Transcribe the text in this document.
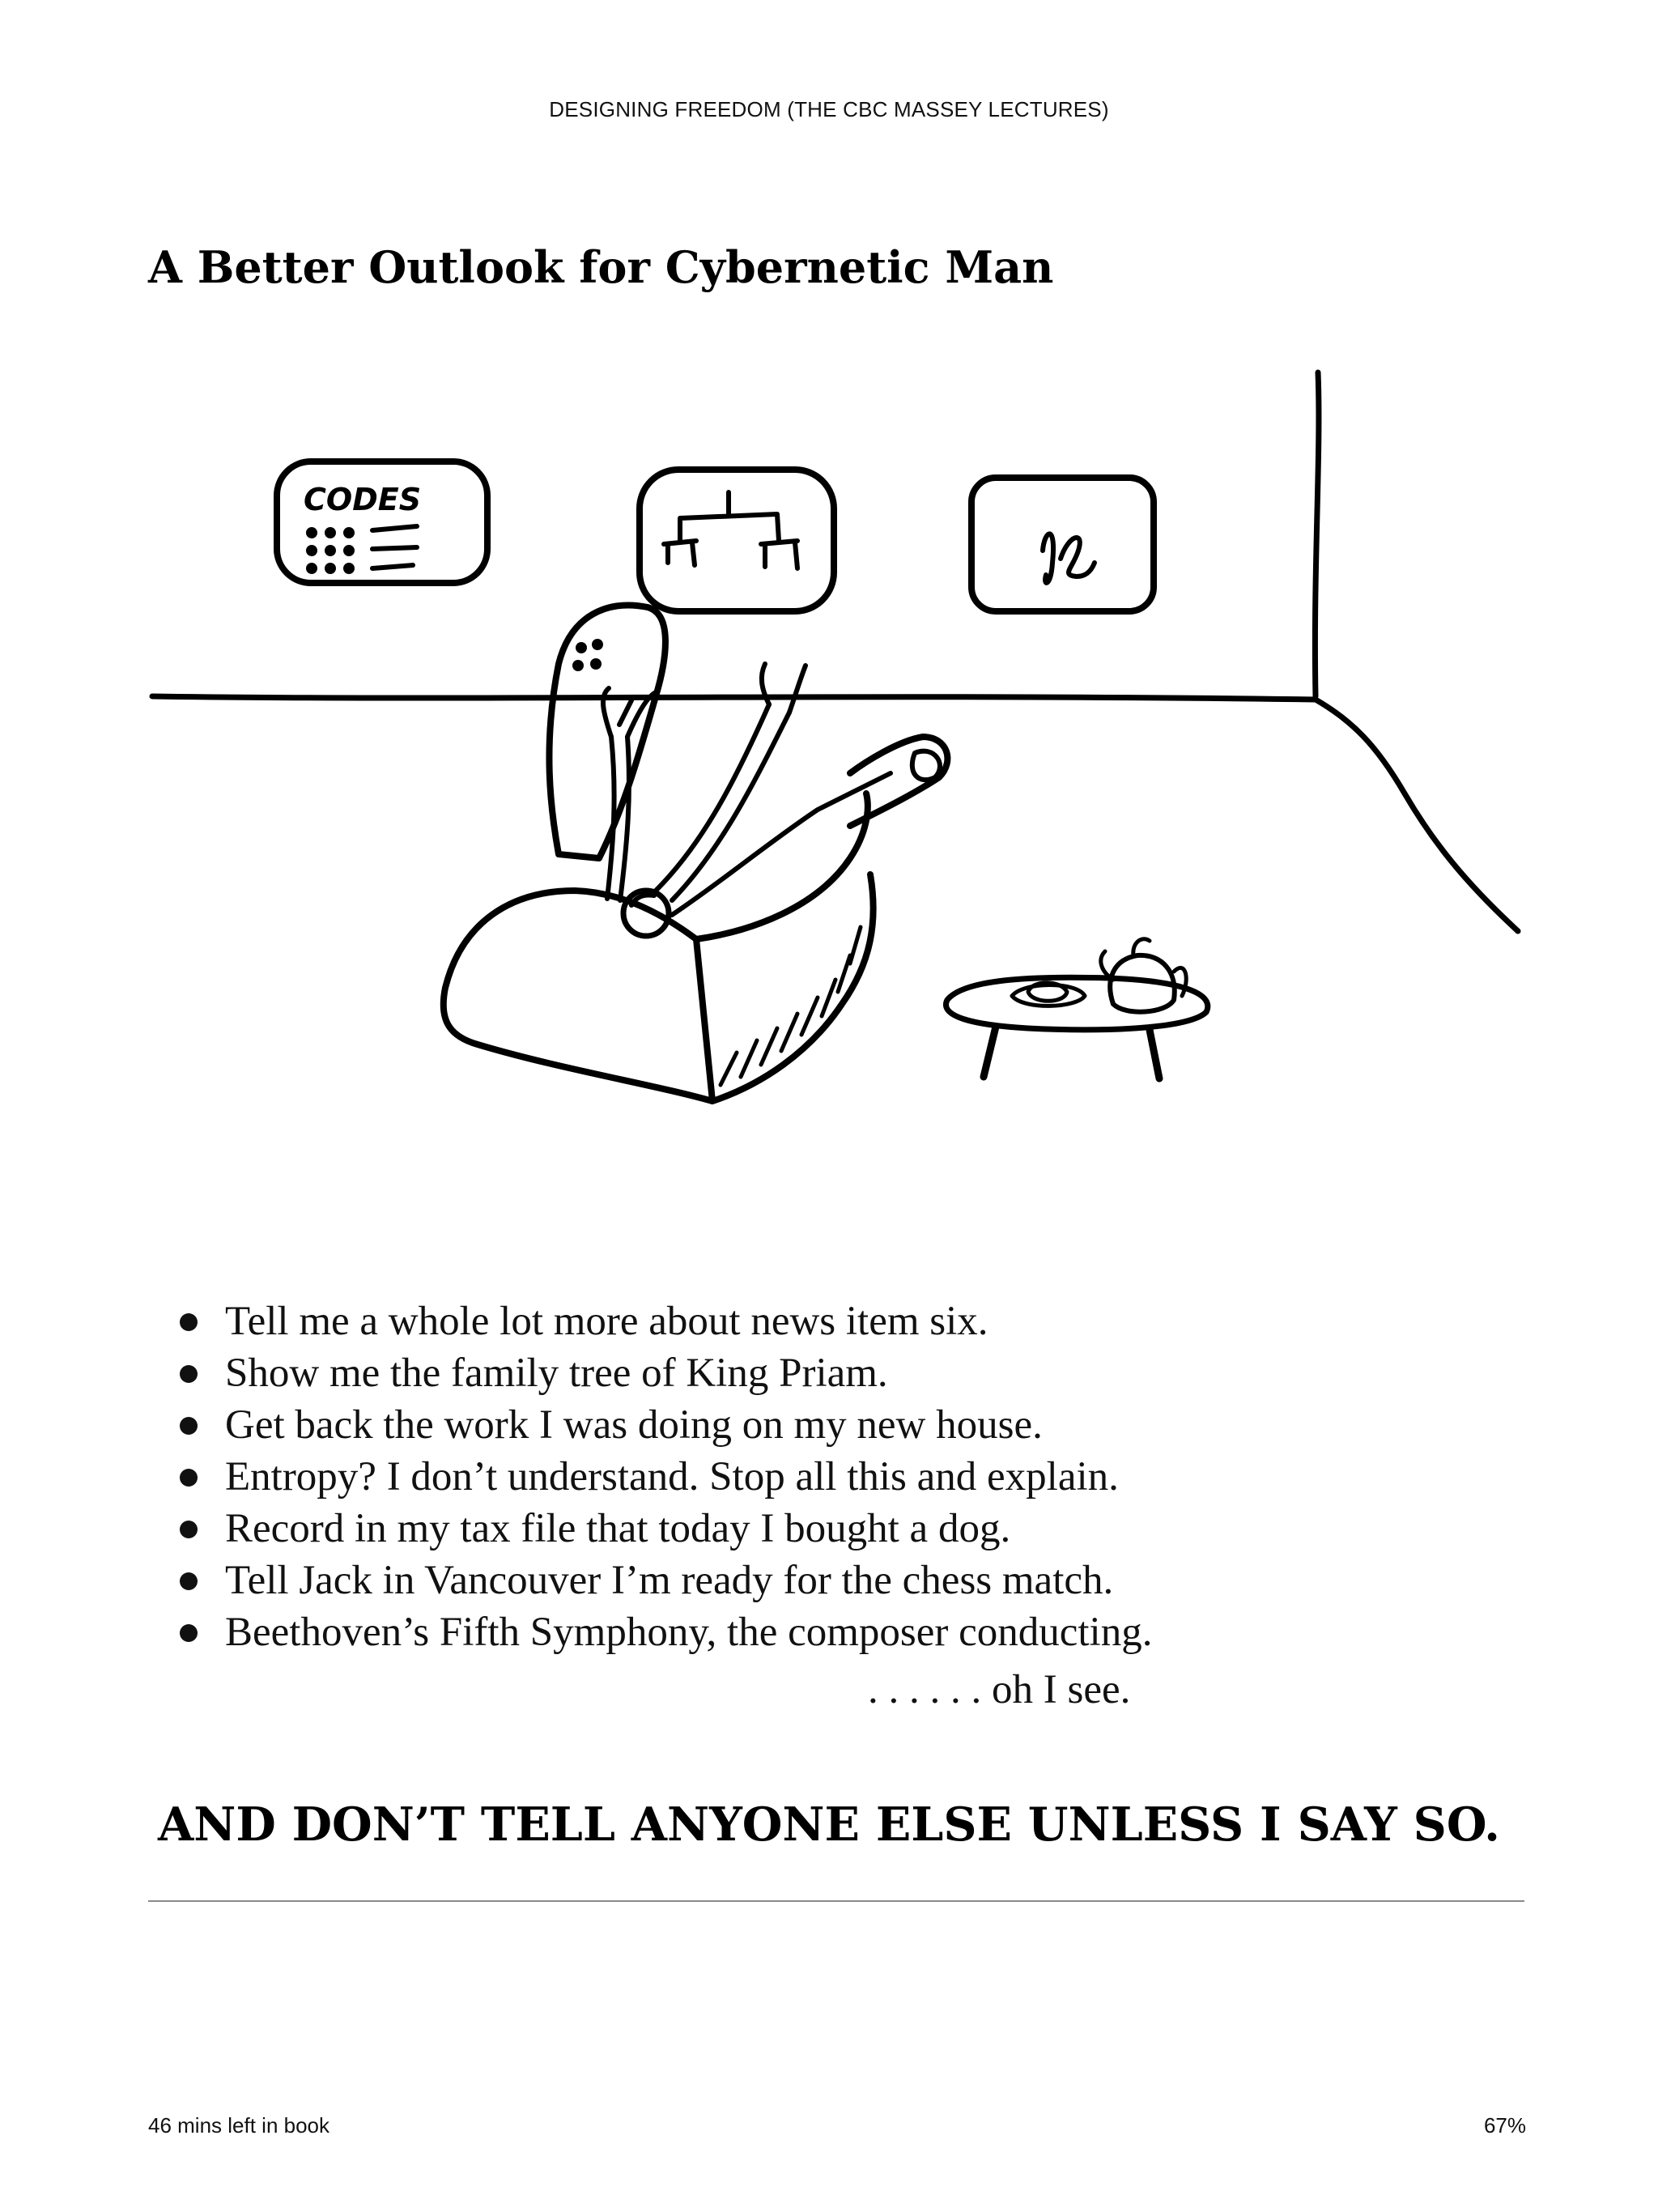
DESIGNING FREEDOM (THE CBC MASSEY LECTURES)
A Better Outlook for Cybernetic Man
CODES
Tell me a whole lot more about news item six.
Show me the family tree of King Priam.
Get back the work I was doing on my new house.
Entropy? I don’t understand. Stop all this and explain.
Record in my tax file that today I bought a dog.
Tell Jack in Vancouver I’m ready for the chess match.
Beethoven’s Fifth Symphony, the composer conducting.
. . . . . . oh I see.
AND DON’T TELL ANYONE ELSE UNLESS I SAY SO.
46 mins left in book	67%
